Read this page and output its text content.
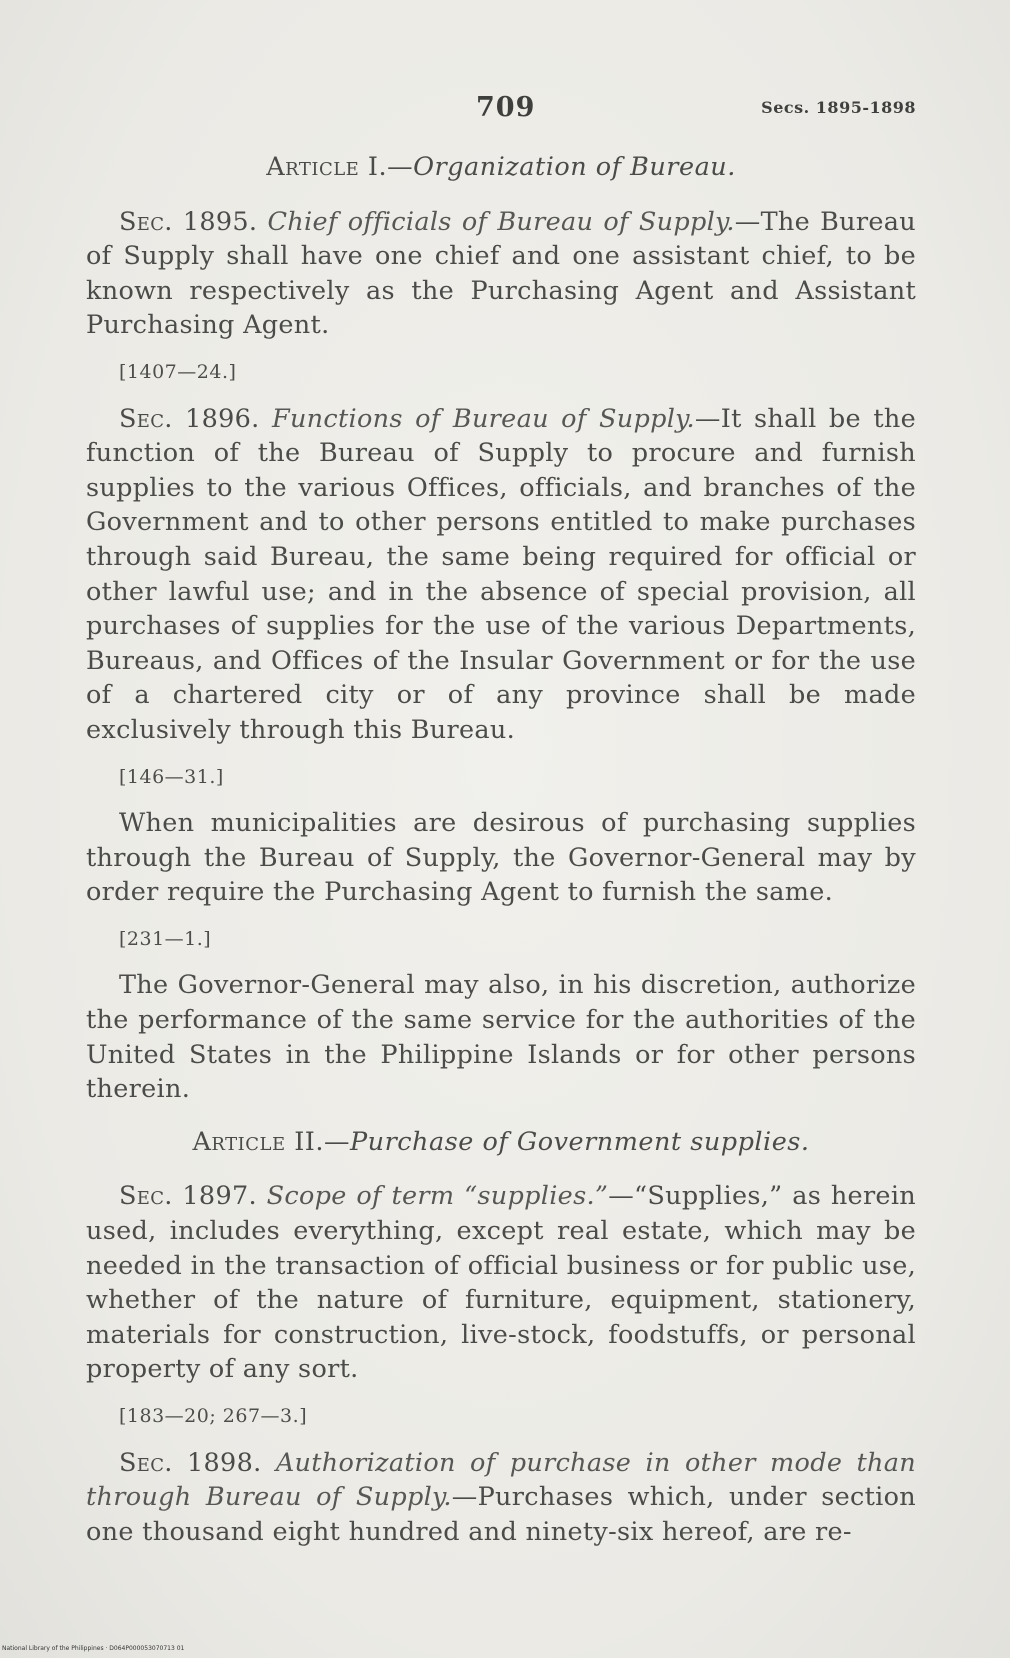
709	Secs. 1895-1898

Article I.—Organization of Bureau.

Sec. 1895. Chief officials of Bureau of Supply.—The Bureau of Supply shall have one chief and one assistant chief, to be known respectively as the Purchasing Agent and Assistant Purchasing Agent.

[1407—24.]

Sec. 1896. Functions of Bureau of Supply.—It shall be the function of the Bureau of Supply to procure and furnish supplies to the various Offices, officials, and branches of the Government and to other persons entitled to make purchases through said Bureau, the same being required for official or other lawful use; and in the absence of special provision, all purchases of supplies for the use of the various Departments, Bureaus, and Offices of the Insular Government or for the use of a chartered city or of any province shall be made exclusively through this Bureau.

[146—31.]

When municipalities are desirous of purchasing supplies through the Bureau of Supply, the Governor-General may by order require the Purchasing Agent to furnish the same.

[231—1.]

The Governor-General may also, in his discretion, authorize the performance of the same service for the authorities of the United States in the Philippine Islands or for other persons therein.

Article II.—Purchase of Government supplies.

Sec. 1897. Scope of term “supplies.”—“Supplies,” as herein used, includes everything, except real estate, which may be needed in the transaction of official business or for public use, whether of the nature of furniture, equipment, stationery, materials for construction, live-stock, foodstuffs, or personal property of any sort.

[183—20; 267—3.]

Sec. 1898. Authorization of purchase in other mode than through Bureau of Supply.—Purchases which, under section one thousand eight hundred and ninety-six hereof, are re-

National Library of the Philippines · D064P000053070713 01
